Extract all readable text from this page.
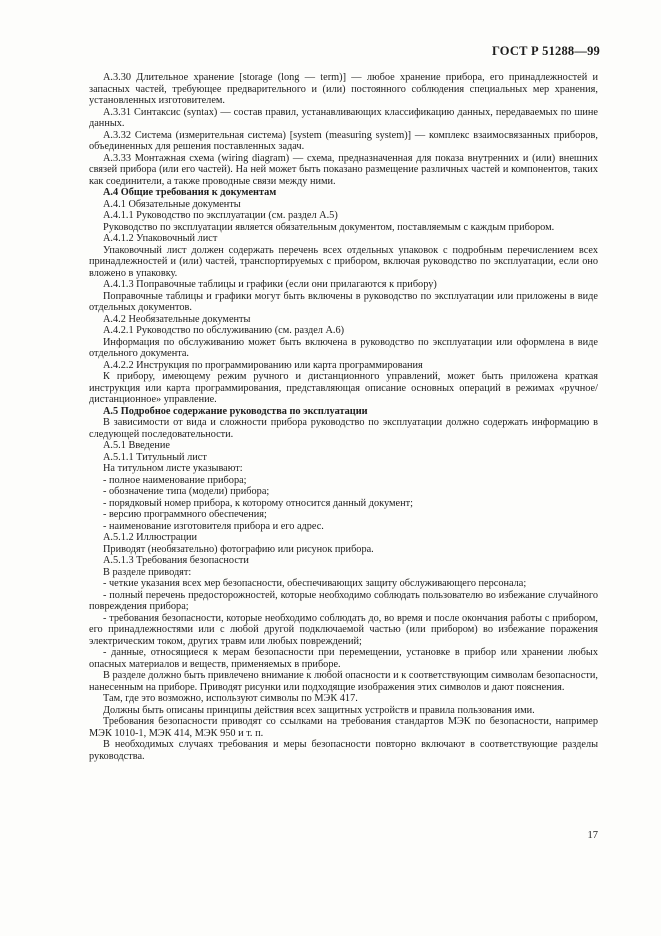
ГОСТ Р 51288—99

А.3.30 Длительное хранение [storage (long — term)] — любое хранение прибора, его принадлежностей и запасных частей, требующее предварительного и (или) постоянного соблюдения специальных мер хранения, установленных изготовителем.

А.3.31 Синтаксис (syntax) — состав правил, устанавливающих классификацию данных, передаваемых по шине данных.

А.3.32 Система (измерительная система) [system (measuring system)] — комплекс взаимосвязанных приборов, объединенных для решения поставленных задач.

А.3.33 Монтажная схема (wiring diagram) — схема, предназначенная для показа внутренних и (или) внешних связей прибора (или его частей). На ней может быть показано размещение различных частей и компонентов, таких как соединители, а также проводные связи между ними.

А.4 Общие требования к документам

А.4.1 Обязательные документы

А.4.1.1 Руководство по эксплуатации (см. раздел А.5)

Руководство по эксплуатации является обязательным документом, поставляемым с каждым прибором.

А.4.1.2 Упаковочный лист

Упаковочный лист должен содержать перечень всех отдельных упаковок с подробным перечислением всех принадлежностей и (или) частей, транспортируемых с прибором, включая руководство по эксплуатации, если оно вложено в упаковку.

А.4.1.3 Поправочные таблицы и графики (если они прилагаются к прибору)

Поправочные таблицы и графики могут быть включены в руководство по эксплуатации или приложены в виде отдельных документов.

А.4.2 Необязательные документы

А.4.2.1 Руководство по обслуживанию (см. раздел А.6)

Информация по обслуживанию может быть включена в руководство по эксплуатации или оформлена в виде отдельного документа.

А.4.2.2 Инструкция по программированию или карта программирования

К прибору, имеющему режим ручного и дистанционного управлений, может быть приложена краткая инструкция или карта программирования, представляющая описание основных операций в режимах «ручное/дистанционное» управление.

А.5 Подробное содержание руководства по эксплуатации

В зависимости от вида и сложности прибора руководство по эксплуатации должно содержать информацию в следующей последовательности.

А.5.1 Введение

А.5.1.1 Титульный лист

На титульном листе указывают:

- полное наименование прибора;

- обозначение типа (модели) прибора;

- порядковый номер прибора, к которому относится данный документ;

- версию программного обеспечения;

- наименование изготовителя прибора и его адрес.

А.5.1.2 Иллюстрации

Приводят (необязательно) фотографию или рисунок прибора.

А.5.1.3 Требования безопасности

В разделе приводят:

- четкие указания всех мер безопасности, обеспечивающих защиту обслуживающего персонала;

- полный перечень предосторожностей, которые необходимо соблюдать пользователю во избежание случайного повреждения прибора;

- требования безопасности, которые необходимо соблюдать до, во время и после окончания работы с прибором, его принадлежностями или с любой другой подключаемой частью (или прибором) во избежание поражения электрическим током, других травм или любых повреждений;

- данные, относящиеся к мерам безопасности при перемещении, установке в прибор или хранении любых опасных материалов и веществ, применяемых в приборе.

В разделе должно быть привлечено внимание к любой опасности и к соответствующим символам безопасности, нанесенным на приборе. Приводят рисунки или подходящие изображения этих символов и дают пояснения.

Там, где это возможно, используют символы по МЭК 417.

Должны быть описаны принципы действия всех защитных устройств и правила пользования ими.

Требования безопасности приводят со ссылками на требования стандартов МЭК по безопасности, например МЭК 1010-1, МЭК 414, МЭК 950 и т. п.

В необходимых случаях требования и меры безопасности повторно включают в соответствующие разделы руководства.

17
